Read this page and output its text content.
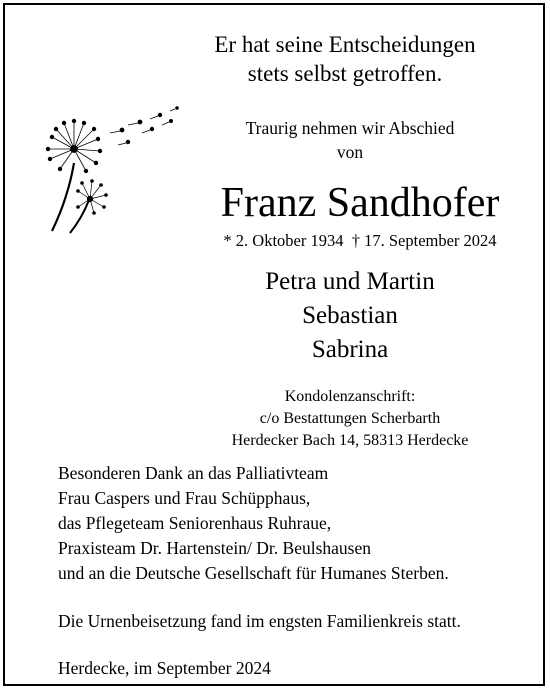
Er hat seine Entscheidungen
stets selbst getroffen.
Traurig nehmen wir Abschied
von
Franz Sandhofer
* 2. Oktober 1934  † 17. September 2024
Petra und Martin
Sebastian
Sabrina
Kondolenzanschrift:
c/o Bestattungen Scherbarth
Herdecker Bach 14, 58313 Herdecke
Besonderen Dank an das Palliativteam
Frau Caspers und Frau Schüpphaus,
das Pflegeteam Seniorenhaus Ruhraue,
Praxisteam Dr. Hartenstein/ Dr. Beulshausen
und an die Deutsche Gesellschaft für Humanes Sterben.
Die Urnenbeisetzung fand im engsten Familienkreis statt.
Herdecke, im September 2024
